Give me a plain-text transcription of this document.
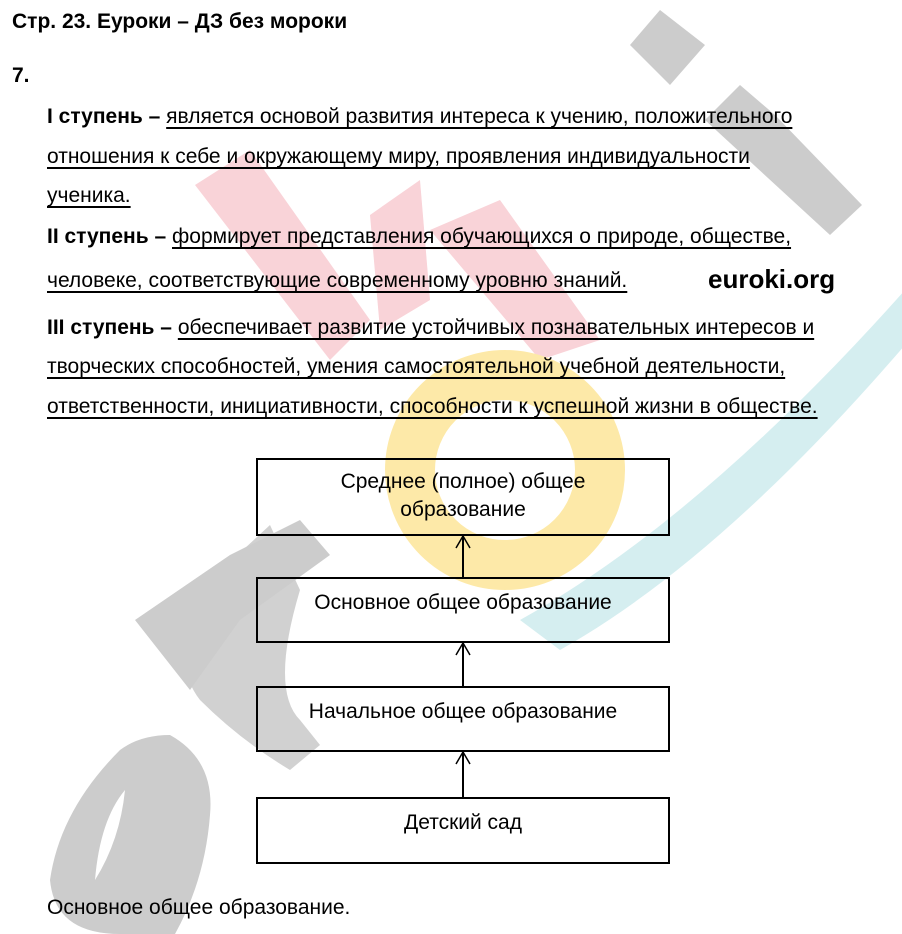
Стр. 23. Еуроки – ДЗ без мороки
7.
I ступень – является основой развития интереса к учению, положительного
отношения к себе и окружающему миру, проявления индивидуальности
ученика.
II ступень – формирует представления обучающихся о природе, обществе,
человеке, соответствующие современному уровню знаний.	euroki.org
III ступень – обеспечивает развитие устойчивых познавательных интересов и
творческих способностей, умения самостоятельной учебной деятельности,
ответственности, инициативности, способности к успешной жизни в обществе.
Среднее (полное) общее
образование
Основное общее образование
Начальное общее образование
Детский сад
Основное общее образование.
